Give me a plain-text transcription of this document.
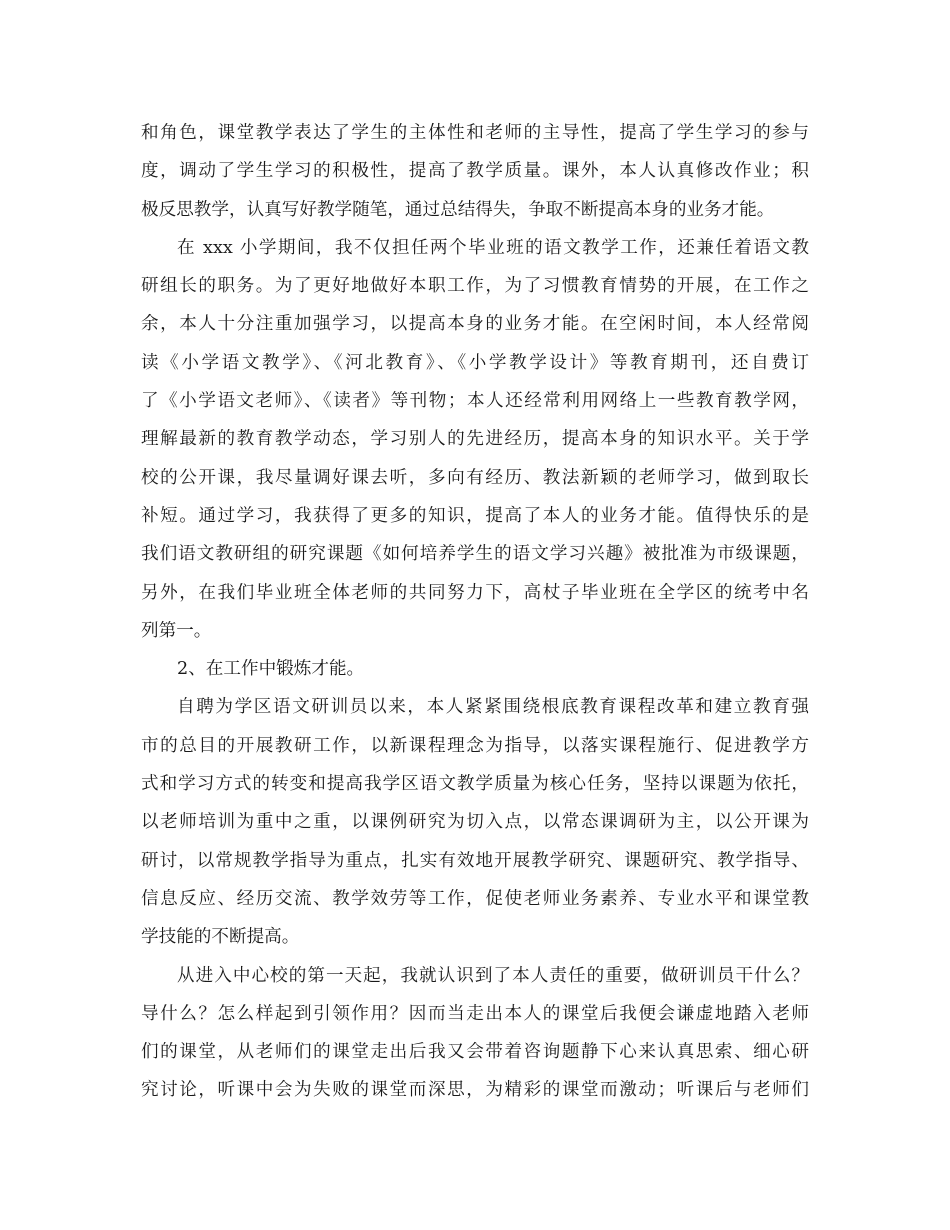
和角色，课堂教学表达了学生的主体性和老师的主导性，提高了学生学习的参与
度，调动了学生学习的积极性，提高了教学质量。课外，本人认真修改作业；积
极反思教学，认真写好教学随笔，通过总结得失，争取不断提高本身的业务才能。
在 xxx 小学期间，我不仅担任两个毕业班的语文教学工作，还兼任着语文教
研组长的职务。为了更好地做好本职工作，为了习惯教育情势的开展，在工作之
余，本人十分注重加强学习，以提高本身的业务才能。在空闲时间，本人经常阅
读《小学语文教学》、《河北教育》、《小学教学设计》等教育期刊，还自费订
了《小学语文老师》、《读者》等刊物；本人还经常利用网络上一些教育教学网，
理解最新的教育教学动态，学习别人的先进经历，提高本身的知识水平。关于学
校的公开课，我尽量调好课去听，多向有经历、教法新颖的老师学习，做到取长
补短。通过学习，我获得了更多的知识，提高了本人的业务才能。值得快乐的是
我们语文教研组的研究课题《如何培养学生的语文学习兴趣》被批准为市级课题，
另外，在我们毕业班全体老师的共同努力下，高杖子毕业班在全学区的统考中名
列第一。
2、在工作中锻炼才能。
自聘为学区语文研训员以来，本人紧紧围绕根底教育课程改革和建立教育强
市的总目的开展教研工作，以新课程理念为指导，以落实课程施行、促进教学方
式和学习方式的转变和提高我学区语文教学质量为核心任务，坚持以课题为依托，
以老师培训为重中之重，以课例研究为切入点，以常态课调研为主，以公开课为
研讨，以常规教学指导为重点，扎实有效地开展教学研究、课题研究、教学指导、
信息反应、经历交流、教学效劳等工作，促使老师业务素养、专业水平和课堂教
学技能的不断提高。
从进入中心校的第一天起，我就认识到了本人责任的重要，做研训员干什么？
导什么？怎么样起到引领作用？因而当走出本人的课堂后我便会谦虚地踏入老师
们的课堂，从老师们的课堂走出后我又会带着咨询题静下心来认真思索、细心研
究讨论，听课中会为失败的课堂而深思，为精彩的课堂而激动；听课后与老师们
